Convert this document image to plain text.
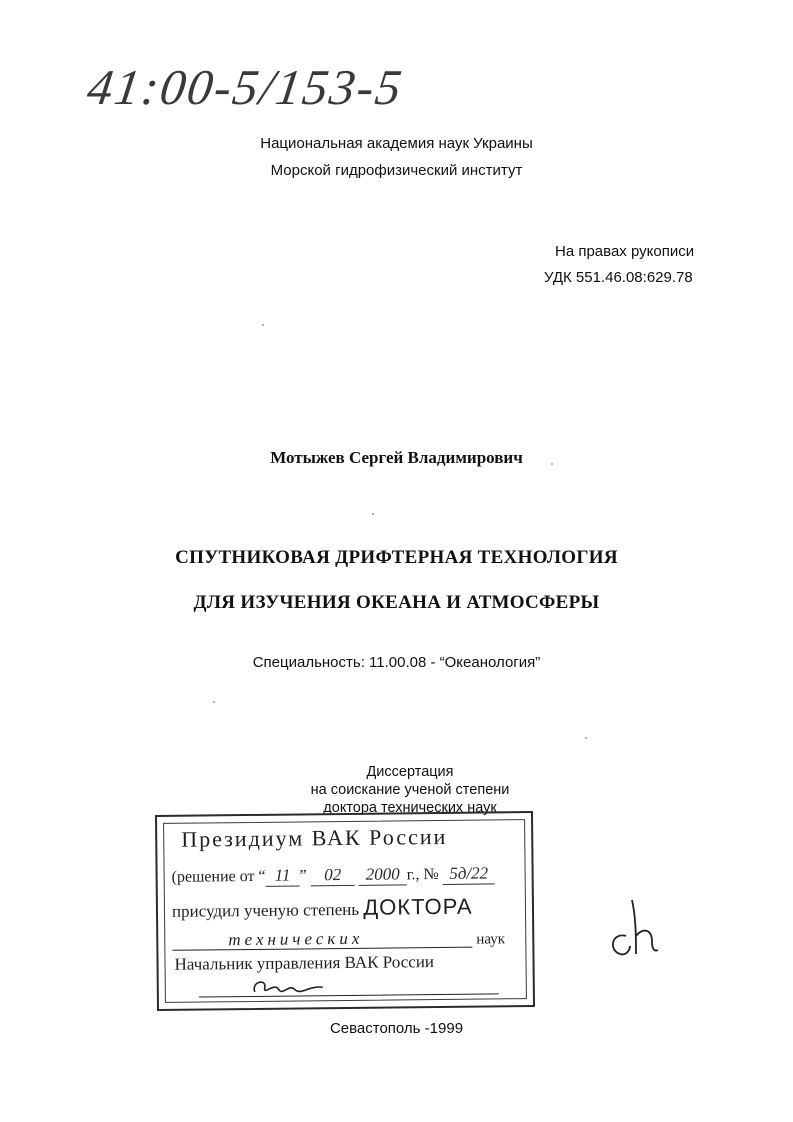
41:00-5/153-5

Национальная академия наук Украины

Морской гидрофизический институт

На правах рукописи

УДК 551.46.08:629.78

Мотыжев Сергей Владимирович

СПУТНИКОВАЯ ДРИФТЕРНАЯ ТЕХНОЛОГИЯ

ДЛЯ ИЗУЧЕНИЯ ОКЕАНА И АТМОСФЕРЫ

Специальность: 11.00.08 - “Океанология”

Диссертация

на соискание ученой степени

доктора технических наук

Президиум ВАК России
(решение от “ 11 ” 02 2000 г., № 5д/22
присудил ученую степень ДОКТОРА
технических	наук
Начальник управления ВАК России

Севастополь -1999
